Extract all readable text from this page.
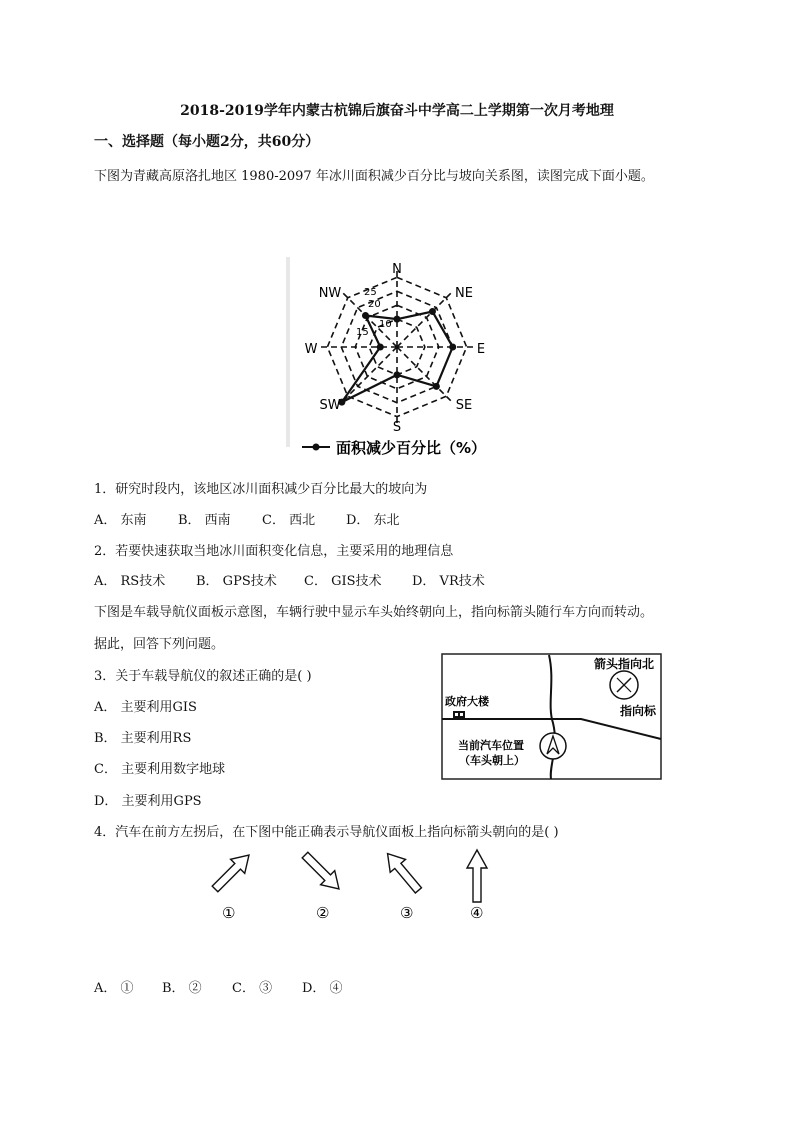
2018-2019学年内蒙古杭锦后旗奋斗中学高二上学期第一次月考地理
一、选择题（每小题2分，共60分）
下图为青藏高原洛扎地区 1980-2097 年冰川面积减少百分比与坡向关系图，读图完成下面小题。
N
NE
E
SE
S
SW
W
NW 25
20
15
10
面积减少百分比（%）
1．研究时段内，该地区冰川面积减少百分比最大的坡向为
A． 东南 B． 西南 C． 西北 D． 东北
2．若要快速获取当地冰川面积变化信息，主要采用的地理信息
A． RS技术 B． GPS技术 C． GIS技术 D． VR技术
下图是车载导航仪面板示意图，车辆行驶中显示车头始终朝向上，指向标箭头随行车方向而转动。
据此，回答下列问题。
3．关于车载导航仪的叙述正确的是( )
A． 主要利用GIS
B． 主要利用RS
C． 主要利用数字地球
D． 主要利用GPS
箭头指向北
指向标
政府大楼
当前汽车位置
（车头朝上）
4．汽车在前方左拐后，在下图中能正确表示导航仪面板上指向标箭头朝向的是( )
①	②	③	④
A． ① B． ② C． ③ D． ④
